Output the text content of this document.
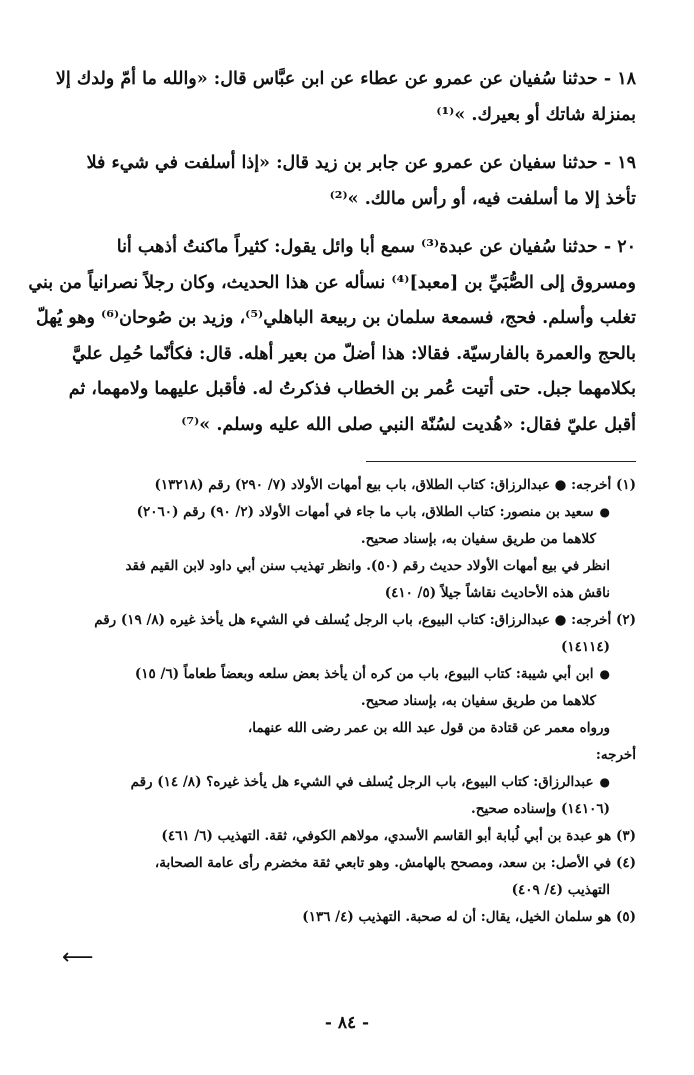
١٨ - حدثنا سُفيان عن عمرو عن عطاء عن ابن عبَّاس قال: «والله ما أمّ ولدك إلا
بمنزلة شاتك أو بعيرك. »⁽¹⁾

١٩ - حدثنا سفيان عن عمرو عن جابر بن زيد قال: «إذا أسلفت في شيء فلا
تأخذ إلا ما أسلفت فيه، أو رأس مالك. »⁽²⁾

٢٠ - حدثنا سُفيان عن عبدة⁽³⁾ سمع أبا وائل يقول: كثيراً ماكنتُ أذهب أنا
ومسروق إلى الصُّبَيِّ بن [معبد]⁽⁴⁾ نسأله عن هذا الحديث، وكان رجلاً نصرانياً من بني
تغلب وأسلم. فحج، فسمعة سلمان بن ربيعة الباهلي⁽⁵⁾، وزيد بن صُوحان⁽⁶⁾ وهو يُهلّ
بالحج والعمرة بالفارسيّة. فقالا: هذا أضلّ من بعير أهله. قال: فكأنّما حُمِل عليَّ
بكلامهما جبل. حتى أتيت عُمر بن الخطاب فذكرتُ له. فأقبل عليهما ولامهما، ثم
أقبل عليّ فقال: «هُديت لسُنّة النبي صلى الله عليه وسلم. »⁽⁷⁾

(١) أخرجه: ● عبدالرزاق: كتاب الطلاق، باب بيع أمهات الأولاد (٧/ ٢٩٠) رقم (١٣٢١٨)
● سعيد بن منصور: كتاب الطلاق، باب ما جاء في أمهات الأولاد (٢/ ٩٠) رقم (٢٠٦٠)
كلاهما من طريق سفيان به، بإسناد صحيح.
انظر في بيع أمهات الأولاد حديث رقم (٥٠). وانظر تهذيب سنن أبي داود لابن القيم فقد
ناقش هذه الأحاديث نقاشاً جيلاً (٥/ ٤١٠)
(٢) أخرجه: ● عبدالرزاق: كتاب البيوع، باب الرجل يُسلف في الشيء هل يأخذ غيره (٨/ ١٩) رقم
(١٤١١٤)
● ابن أبي شيبة: كتاب البيوع، باب من كره أن يأخذ بعض سلعه وبعضاً طعاماً (٦/ ١٥)
كلاهما من طريق سفيان به، بإسناد صحيح.
ورواه معمر عن قتادة من قول عبد الله بن عمر رضى الله عنهما،
أخرجه:
● عبدالرزاق: كتاب البيوع، باب الرجل يُسلف في الشيء هل يأخذ غيره؟ (٨/ ١٤) رقم
(١٤١٠٦) وإسناده صحيح.
(٣) هو عبدة بن أبي لُبابة أبو القاسم الأسدي، مولاهم الكوفي، ثقة. التهذيب (٦/ ٤٦١)
(٤) في الأصل: بن سعد، ومصحح بالهامش. وهو تابعي ثقة مخضرم رأى عامة الصحابة،
التهذيب (٤/ ٤٠٩)
(٥) هو سلمان الخيل، يقال: أن له صحبة. التهذيب (٤/ ١٣٦)
⟵
- ٨٤ -
